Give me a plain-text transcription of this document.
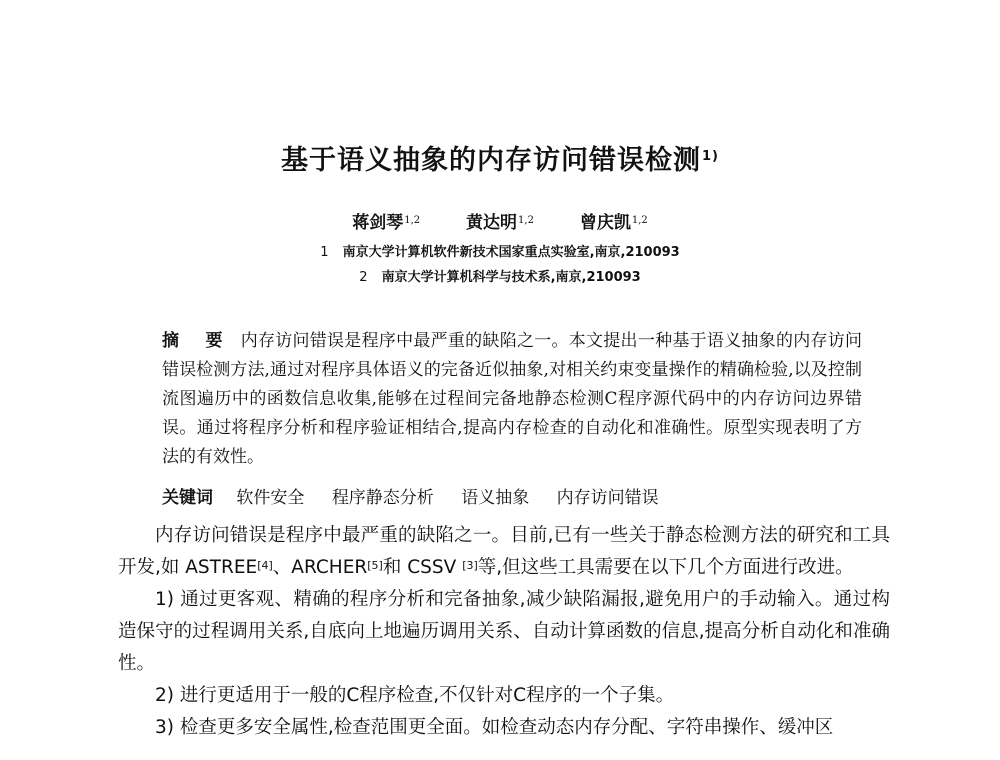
基于语义抽象的内存访问错误检测$^{1)}$
蒋剑琴$^{1,2}$	黄达明$^{1,2}$	曾庆凯$^{1,2}$
1 南京大学计算机软件新技术国家重点实验室,南京,210093
2 南京大学计算机科学与技术系,南京,210093
摘 要 内存访问错误是程序中最严重的缺陷之一。本文提出一种基于语义抽象的内存访问错误检测方法,通过对程序具体语义的完备近似抽象,对相关约束变量操作的精确检验,以及控制流图遍历中的函数信息收集,能够在过程间完备地静态检测C程序源代码中的内存访问边界错误。通过将程序分析和程序验证相结合,提高内存检查的自动化和准确性。原型实现表明了方法的有效性。
关键词 软件安全 程序静态分析 语义抽象 内存访问错误

内存访问错误是程序中最严重的缺陷之一。目前,已有一些关于静态检测方法的研究和工具开发,如 ASTREE[4]、ARCHER[5]和 CSSV [3]等,但这些工具需要在以下几个方面进行改进。

1) 通过更客观、精确的程序分析和完备抽象,减少缺陷漏报,避免用户的手动输入。通过构造保守的过程调用关系,自底向上地遍历调用关系、自动计算函数的信息,提高分析自动化和准确性。

2) 进行更适用于一般的C程序检查,不仅针对C程序的一个子集。

3) 检查更多安全属性,检查范围更全面。如检查动态内存分配、字符串操作、缓冲区
